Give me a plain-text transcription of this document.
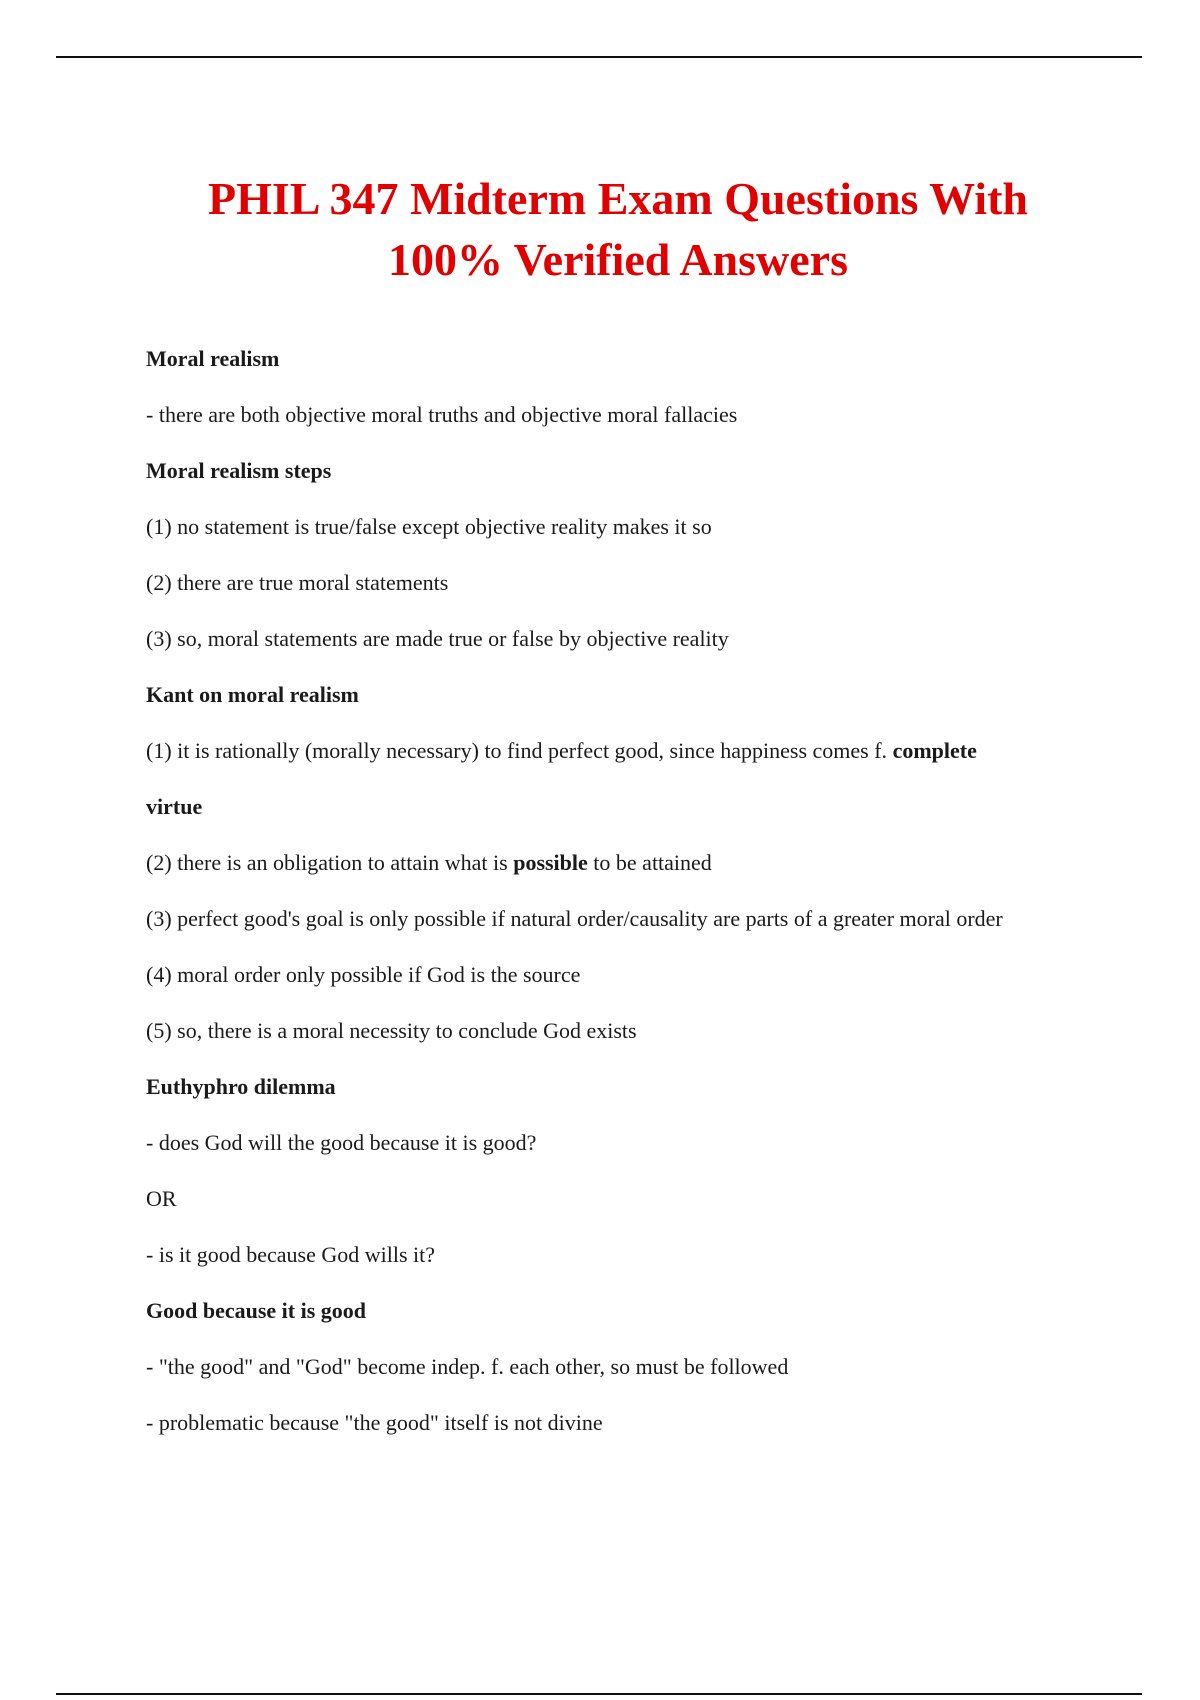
PHIL 347 Midterm Exam Questions With
100% Verified Answers

Moral realism

- there are both objective moral truths and objective moral fallacies

Moral realism steps

(1) no statement is true/false except objective reality makes it so

(2) there are true moral statements

(3) so, moral statements are made true or false by objective reality

Kant on moral realism

(1) it is rationally (morally necessary) to find perfect good, since happiness comes f. complete

virtue

(2) there is an obligation to attain what is possible to be attained

(3) perfect good's goal is only possible if natural order/causality are parts of a greater moral order

(4) moral order only possible if God is the source

(5) so, there is a moral necessity to conclude God exists

Euthyphro dilemma

- does God will the good because it is good?

OR

- is it good because God wills it?

Good because it is good

- "the good" and "God" become indep. f. each other, so must be followed

- problematic because "the good" itself is not divine
